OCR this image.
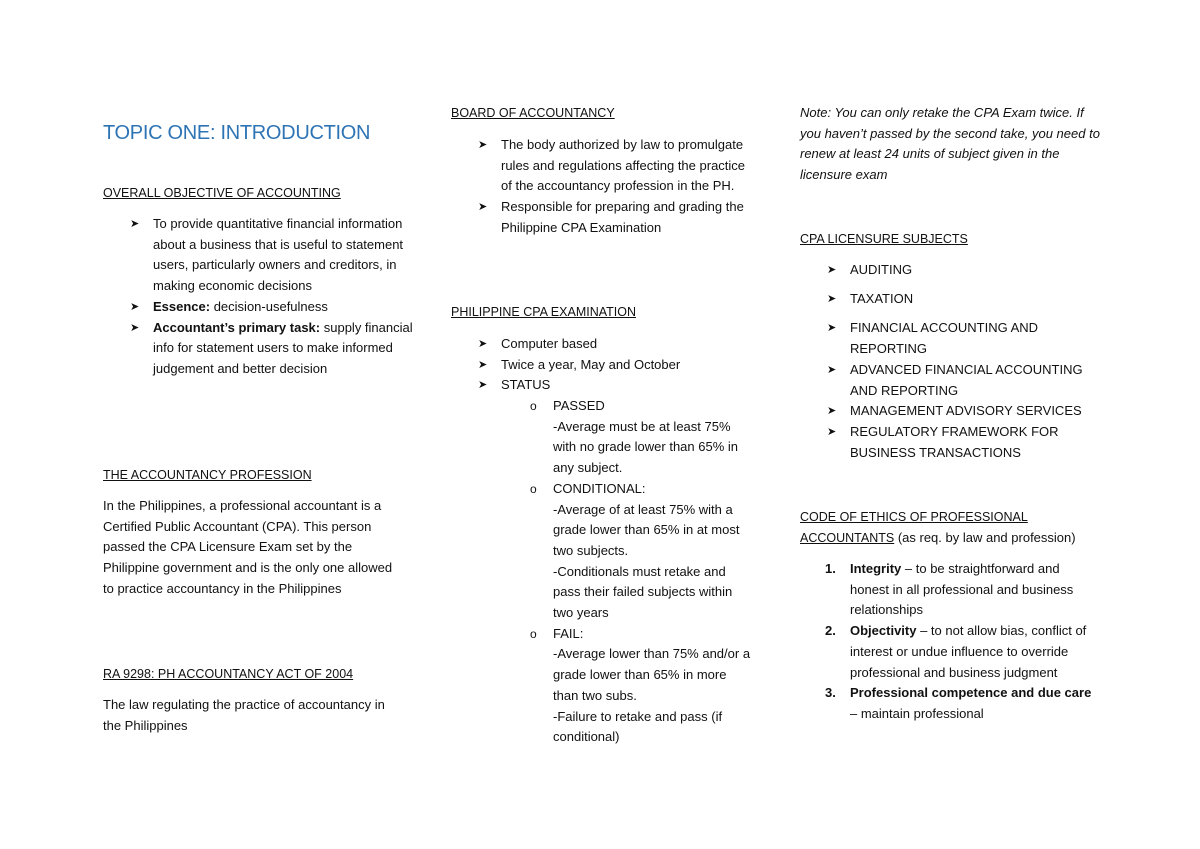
TOPIC ONE: INTRODUCTION
OVERALL OBJECTIVE OF ACCOUNTING
➤ To provide quantitative financial information about a business that is useful to statement users, particularly owners and creditors, in making economic decisions
➤ Essence: decision-usefulness
➤ Accountant’s primary task: supply financial info for statement users to make informed judgement and better decision
THE ACCOUNTANCY PROFESSION

In the Philippines, a professional accountant is a Certified Public Accountant (CPA). This person passed the CPA Licensure Exam set by the Philippine government and is the only one allowed to practice accountancy in the Philippines

RA 9298: PH ACCOUNTANCY ACT OF 2004

The law regulating the practice of accountancy in the Philippines

BOARD OF ACCOUNTANCY
➤ The body authorized by law to promulgate rules and regulations affecting the practice of the accountancy profession in the PH.
➤ Responsible for preparing and grading the Philippine CPA Examination
PHILIPPINE CPA EXAMINATION
➤ Computer based
➤ Twice a year, May and October
➤ STATUS
o PASSED
-Average must be at least 75% with no grade lower than 65% in any subject.
o CONDITIONAL:
-Average of at least 75% with a grade lower than 65% in at most two subjects.
-Conditionals must retake and pass their failed subjects within two years
o FAIL:
-Average lower than 75% and/or a grade lower than 65% in more than two subs.
-Failure to retake and pass (if conditional)

Note: You can only retake the CPA Exam twice. If you haven’t passed by the second take, you need to renew at least 24 units of subject given in the licensure exam

CPA LICENSURE SUBJECTS
➤ AUDITING
➤ TAXATION
➤ FINANCIAL ACCOUNTING AND REPORTING
➤ ADVANCED FINANCIAL ACCOUNTING AND REPORTING
➤ MANAGEMENT ADVISORY SERVICES
➤ REGULATORY FRAMEWORK FOR BUSINESS TRANSACTIONS
CODE OF ETHICS OF PROFESSIONAL
ACCOUNTANTS (as req. by law and profession)
1. Integrity – to be straightforward and honest in all professional and business relationships
2. Objectivity – to not allow bias, conflict of interest or undue influence to override professional and business judgment
3. Professional competence and due care – maintain professional
